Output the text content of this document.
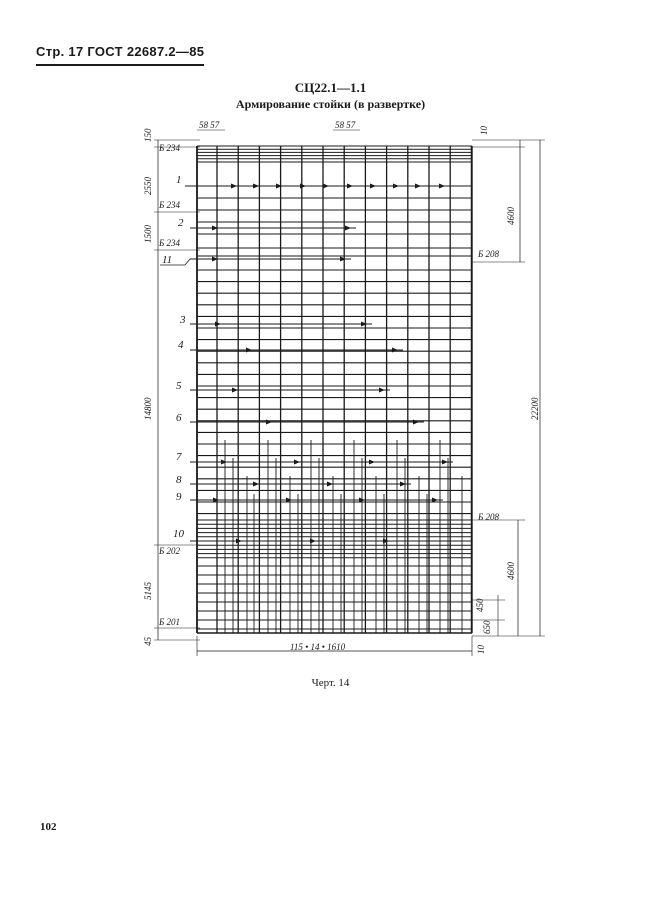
Стр. 17 ГОСТ 22687.2—85
СЦ22.1—1.1
Армирование стойки (в развертке)
58 57	58 57
150
2550
1500
14800
5145
45
10
4600
22200
4600
450
650
10
Б 234
Б 234
Б 234
Б 202
Б 201
Б 208
Б 208
1
2
11
3
4
5
6
7
8
9
10
115 • 14 • 1610
Черт. 14
102
